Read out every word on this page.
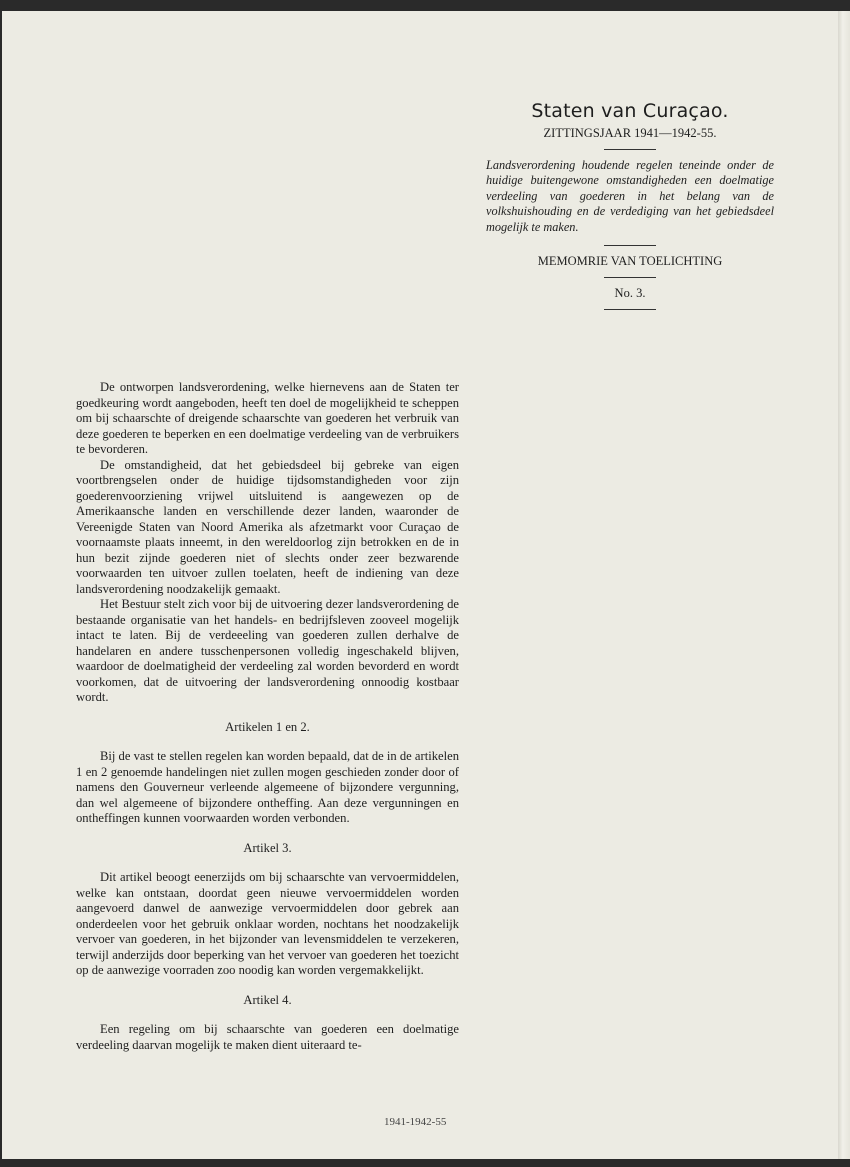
Staten van Curaçao.
ZITTINGSJAAR 1941—1942-55.
Landsverordening houdende regelen teneinde onder de huidige buitengewone omstandigheden een doelmatige verdeeling van goederen in het belang van de volkshuishouding en de verdediging van het gebiedsdeel mogelijk te maken.
MEMOMRIE VAN TOELICHTING
No. 3.

De ontworpen landsverordening, welke hiernevens aan de Staten ter goedkeuring wordt aangeboden, heeft ten doel de mogelijkheid te scheppen om bij schaarschte of dreigende schaarschte van goederen het verbruik van deze goederen te beperken en een doelmatige verdeeling van de verbruikers te bevorderen.

De omstandigheid, dat het gebiedsdeel bij gebreke van eigen voortbrengselen onder de huidige tijdsomstandigheden voor zijn goederenvoorziening vrijwel uitsluitend is aangewezen op de Amerikaansche landen en verschillende dezer landen, waaronder de Vereenigde Staten van Noord Amerika als afzetmarkt voor Curaçao de voornaamste plaats inneemt, in den wereldoorlog zijn betrokken en de in hun bezit zijnde goederen niet of slechts onder zeer bezwarende voorwaarden ten uitvoer zullen toelaten, heeft de indiening van deze landsverordening noodzakelijk gemaakt.

Het Bestuur stelt zich voor bij de uitvoering dezer landsverordening de bestaande organisatie van het handels- en bedrijfsleven zooveel mogelijk intact te laten. Bij de verdeeeling van goederen zullen derhalve de handelaren en andere tusschenpersonen volledig ingeschakeld blijven, waardoor de doelmatigheid der verdeeling zal worden bevorderd en wordt voorkomen, dat de uitvoering der landsverordening onnoodig kostbaar wordt.

Artikelen 1 en 2.

Bij de vast te stellen regelen kan worden bepaald, dat de in de artikelen 1 en 2 genoemde handelingen niet zullen mogen geschieden zonder door of namens den Gouverneur verleende algemeene of bijzondere vergunning, dan wel algemeene of bijzondere ontheffing. Aan deze vergunningen en ontheffingen kunnen voorwaarden worden verbonden.

Artikel 3.

Dit artikel beoogt eenerzijds om bij schaarschte van vervoermiddelen, welke kan ontstaan, doordat geen nieuwe vervoermiddelen worden aangevoerd danwel de aanwezige vervoermiddelen door gebrek aan onderdeelen voor het gebruik onklaar worden, nochtans het noodzakelijk vervoer van goederen, in het bijzonder van levensmiddelen te verzekeren, terwijl anderzijds door beperking van het vervoer van goederen het toezicht op de aanwezige voorraden zoo noodig kan worden vergemakkelijkt.

Artikel 4.

Een regeling om bij schaarschte van goederen een doelmatige verdeeling daarvan mogelijk te maken dient uiteraard te-

1941-1942-55
